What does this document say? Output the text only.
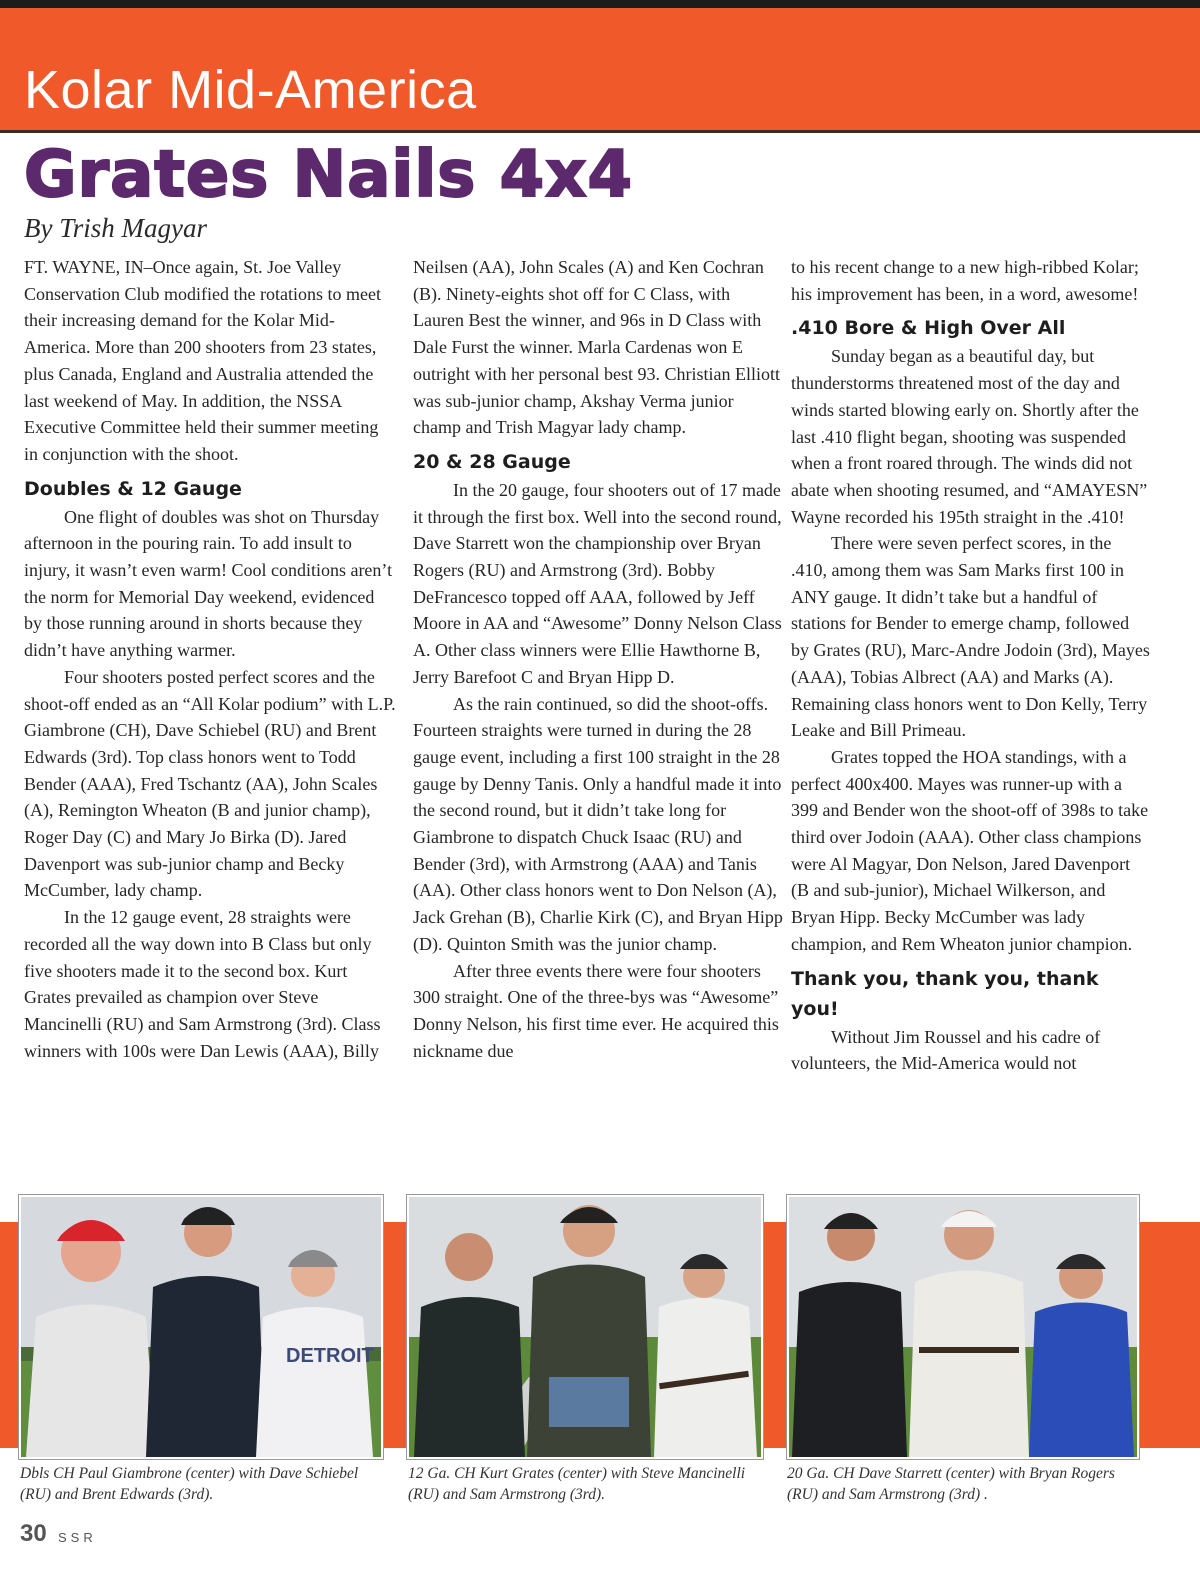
Kolar Mid-America
Grates Nails 4x4
By Trish Magyar

FT. WAYNE, IN–Once again, St. Joe Valley Conservation Club modified the rotations to meet their increasing demand for the Kolar Mid-America. More than 200 shooters from 23 states, plus Canada, England and Australia attended the last weekend of May. In addition, the NSSA Executive Committee held their summer meeting in conjunction with the shoot.

Doubles & 12 Gauge

One flight of doubles was shot on Thursday afternoon in the pouring rain. To add insult to injury, it wasn’t even warm! Cool conditions aren’t the norm for Memorial Day weekend, evidenced by those running around in shorts because they didn’t have anything warmer.

Four shooters posted perfect scores and the shoot-off ended as an “All Kolar podium” with L.P. Giambrone (CH), Dave Schiebel (RU) and Brent Edwards (3rd). Top class honors went to Todd Bender (AAA), Fred Tschantz (AA), John Scales (A), Remington Wheaton (B and junior champ), Roger Day (C) and Mary Jo Birka (D). Jared Davenport was sub-junior champ and Becky McCumber, lady champ.

In the 12 gauge event, 28 straights were recorded all the way down into B Class but only five shooters made it to the second box. Kurt Grates prevailed as champion over Steve Mancinelli (RU) and Sam Armstrong (3rd). Class winners with 100s were Dan Lewis (AAA), Billy

Neilsen (AA), John Scales (A) and Ken Cochran (B). Ninety-eights shot off for C Class, with Lauren Best the winner, and 96s in D Class with Dale Furst the winner. Marla Cardenas won E outright with her personal best 93. Christian Elliott was sub-junior champ, Akshay Verma junior champ and Trish Magyar lady champ.

20 & 28 Gauge

In the 20 gauge, four shooters out of 17 made it through the first box. Well into the second round, Dave Starrett won the championship over Bryan Rogers (RU) and Armstrong (3rd). Bobby DeFrancesco topped off AAA, followed by Jeff Moore in AA and “Awesome” Donny Nelson Class A. Other class winners were Ellie Hawthorne B, Jerry Barefoot C and Bryan Hipp D.

As the rain continued, so did the shoot-offs. Fourteen straights were turned in during the 28 gauge event, including a first 100 straight in the 28 gauge by Denny Tanis. Only a handful made it into the second round, but it didn’t take long for Giambrone to dispatch Chuck Isaac (RU) and Bender (3rd), with Armstrong (AAA) and Tanis (AA). Other class honors went to Don Nelson (A), Jack Grehan (B), Charlie Kirk (C), and Bryan Hipp (D). Quinton Smith was the junior champ.

After three events there were four shooters 300 straight. One of the three-bys was “Awesome” Donny Nelson, his first time ever. He acquired this nickname due

to his recent change to a new high-ribbed Kolar; his improvement has been, in a word, awesome!

.410 Bore & High Over All

Sunday began as a beautiful day, but thunderstorms threatened most of the day and winds started blowing early on. Shortly after the last .410 flight began, shooting was suspended when a front roared through. The winds did not abate when shooting resumed, and “AMAYESN” Wayne recorded his 195th straight in the .410!

There were seven perfect scores, in the .410, among them was Sam Marks first 100 in ANY gauge. It didn’t take but a handful of stations for Bender to emerge champ, followed by Grates (RU), Marc-Andre Jodoin (3rd), Mayes (AAA), Tobias Albrect (AA) and Marks (A). Remaining class honors went to Don Kelly, Terry Leake and Bill Primeau.

Grates topped the HOA standings, with a perfect 400x400. Mayes was runner-up with a 399 and Bender won the shoot-off of 398s to take third over Jodoin (AAA). Other class champions were Al Magyar, Don Nelson, Jared Davenport (B and sub-junior), Michael Wilkerson, and Bryan Hipp. Becky McCumber was lady champion, and Rem Wheaton junior champion.

Thank you, thank you, thank you!

Without Jim Roussel and his cadre of volunteers, the Mid-America would not

DETROIT
Dbls CH Paul Giambrone (center) with Dave Schiebel (RU) and Brent Edwards (3rd).
12 Ga. CH Kurt Grates (center) with Steve Mancinelli (RU) and Sam Armstrong (3rd).
20 Ga. CH Dave Starrett (center) with Bryan Rogers (RU) and Sam Armstrong (3rd) .
30 SSR
